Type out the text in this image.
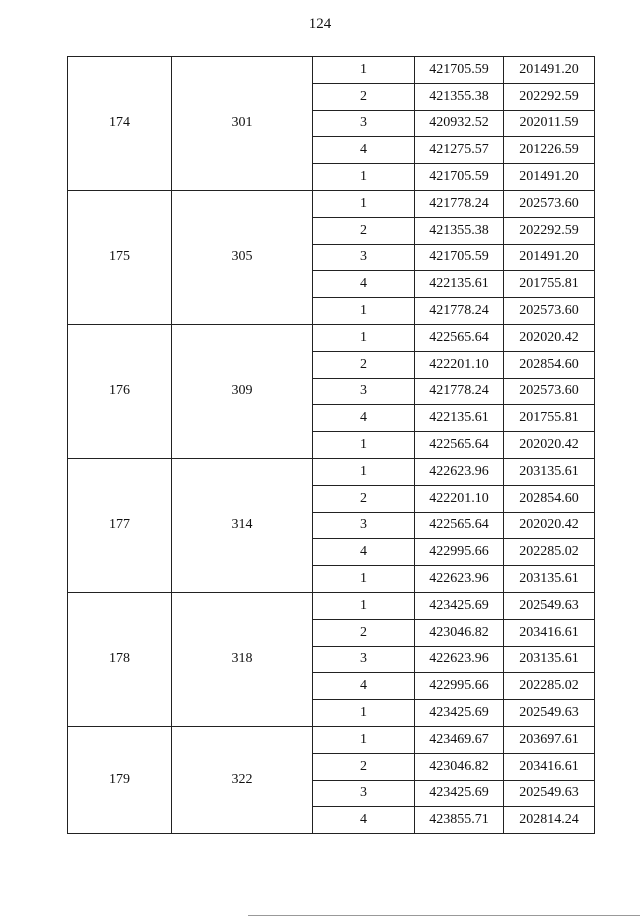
124
174	301	1	421705.59	201491.20
		2	421355.38	202292.59
		3	420932.52	202011.59
		4	421275.57	201226.59
		1	421705.59	201491.20
175	305	1	421778.24	202573.60
		2	421355.38	202292.59
		3	421705.59	201491.20
		4	422135.61	201755.81
		1	421778.24	202573.60
176	309	1	422565.64	202020.42
		2	422201.10	202854.60
		3	421778.24	202573.60
		4	422135.61	201755.81
		1	422565.64	202020.42
177	314	1	422623.96	203135.61
		2	422201.10	202854.60
		3	422565.64	202020.42
		4	422995.66	202285.02
		1	422623.96	203135.61
178	318	1	423425.69	202549.63
		2	423046.82	203416.61
		3	422623.96	203135.61
		4	422995.66	202285.02
		1	423425.69	202549.63
179	322	1	423469.67	203697.61
		2	423046.82	203416.61
		3	423425.69	202549.63
		4	423855.71	202814.24
